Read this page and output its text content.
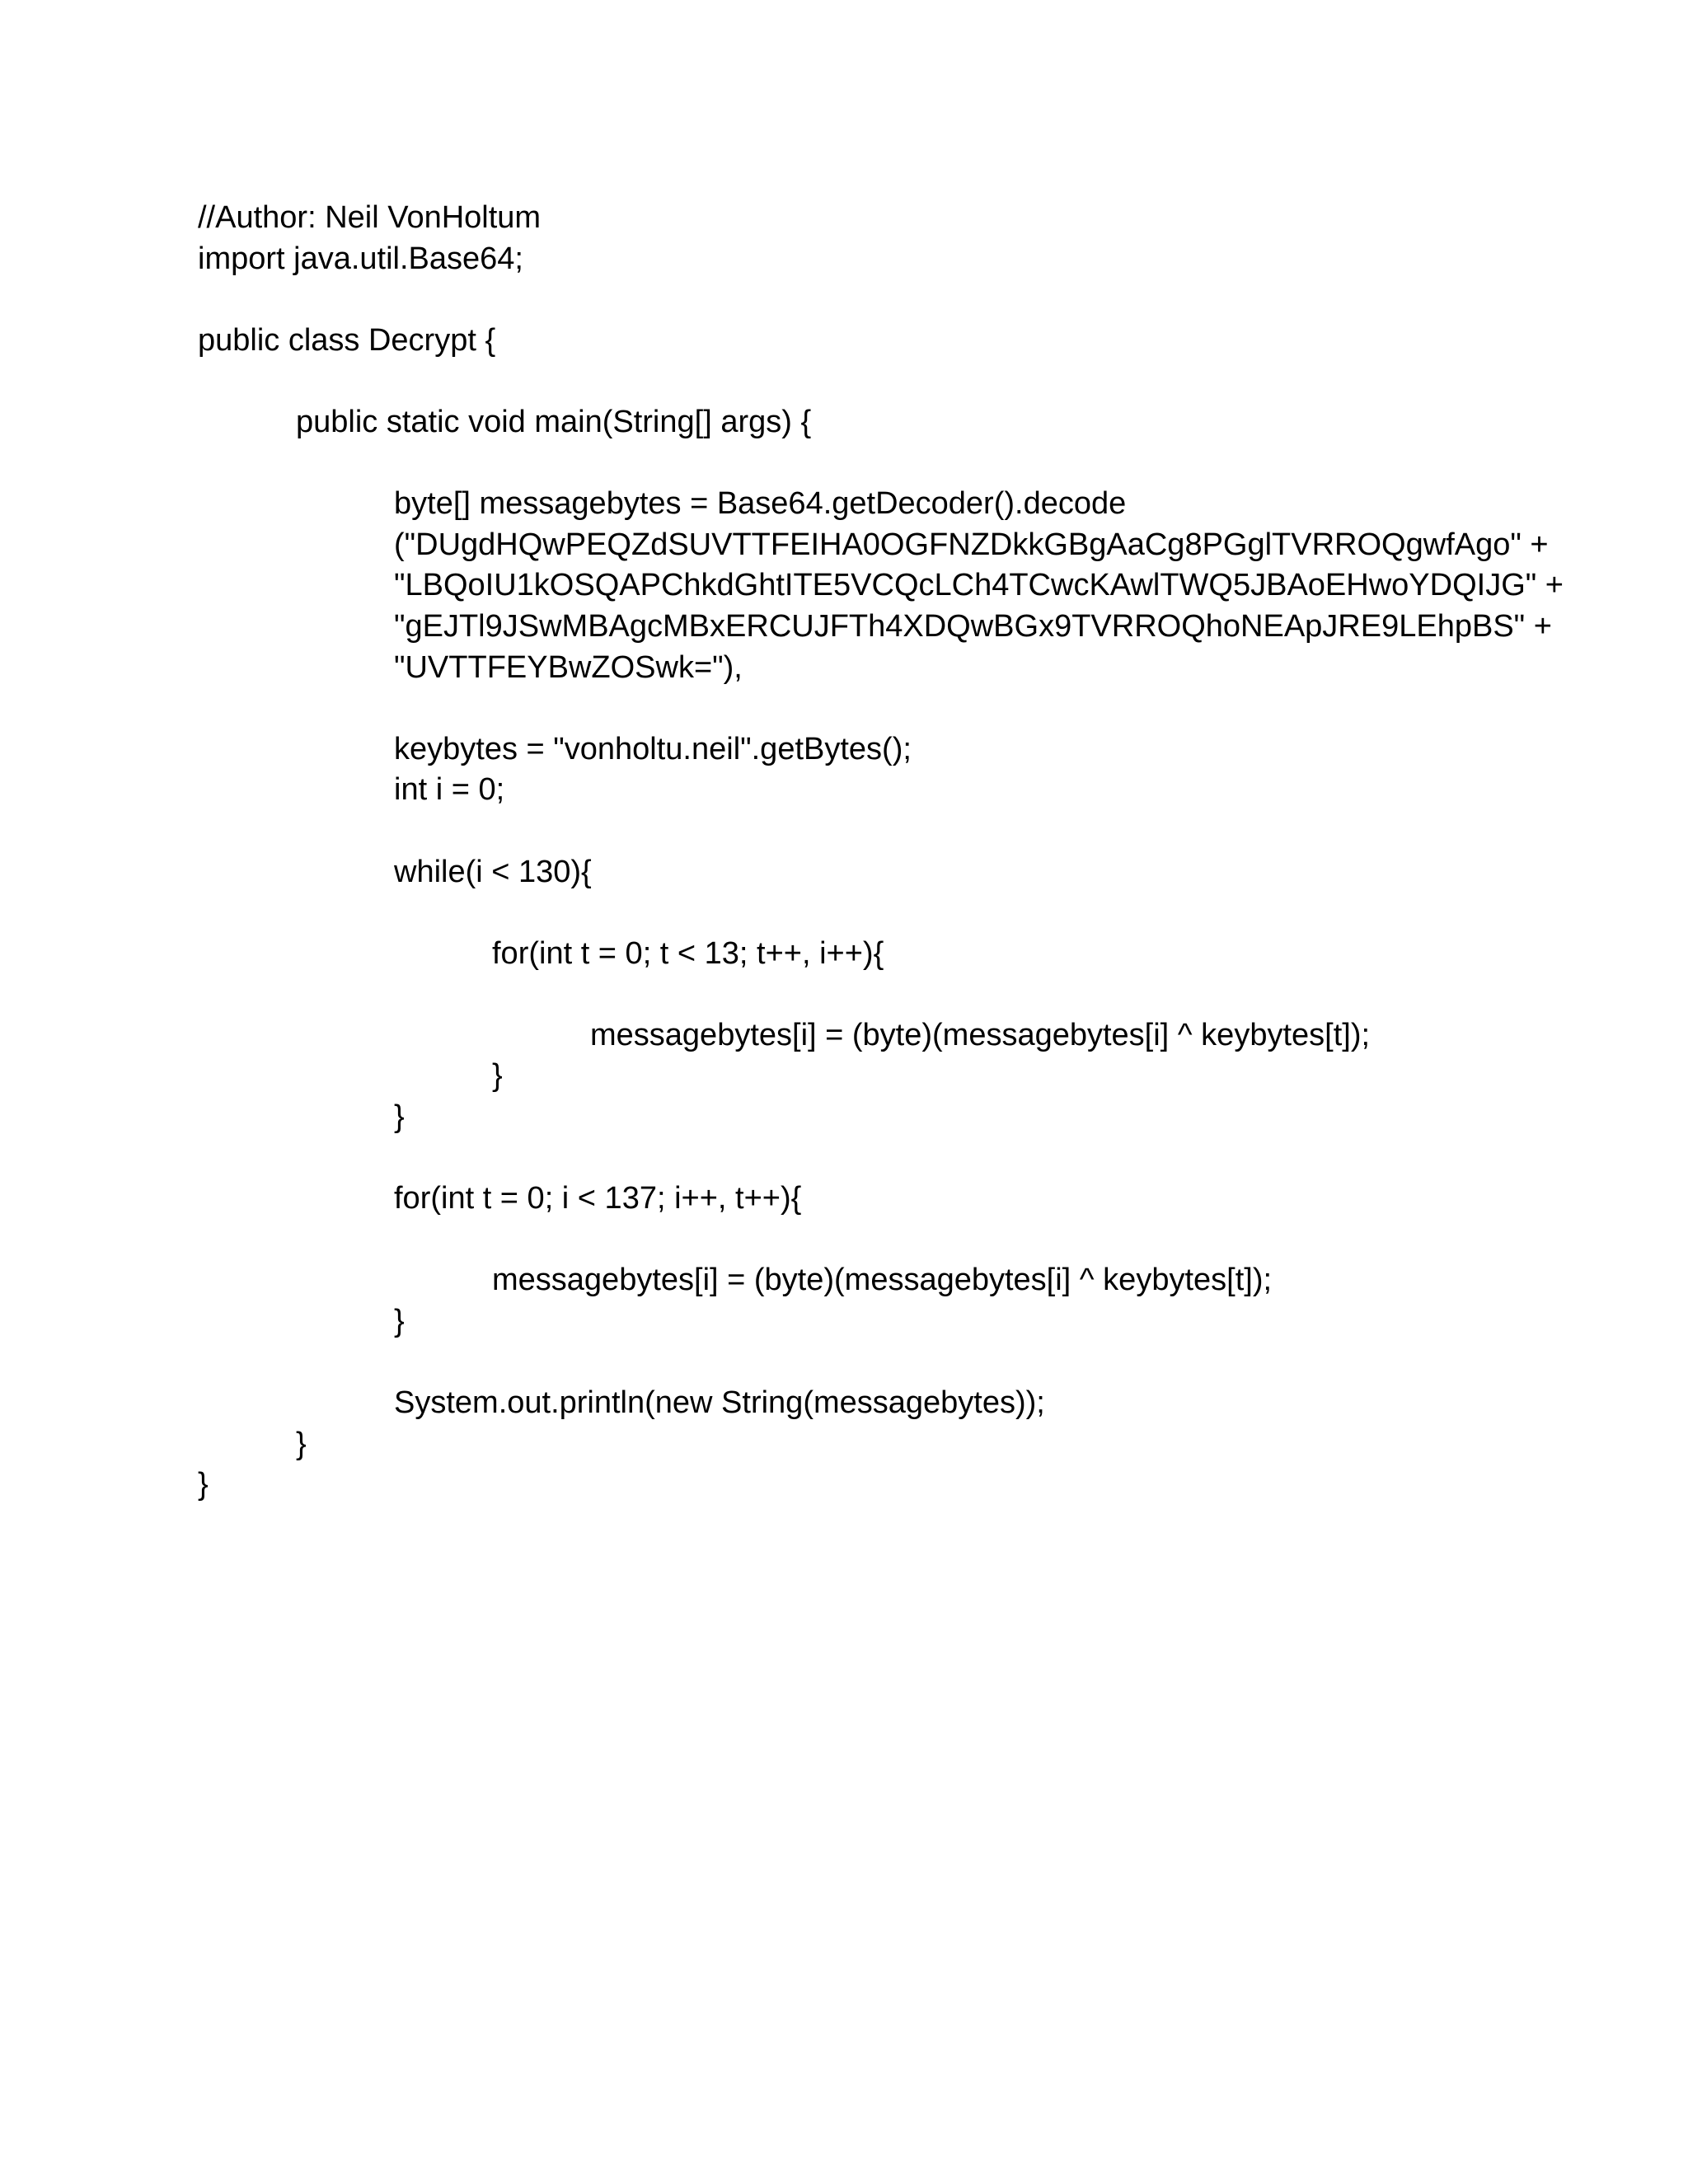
//Author: Neil VonHoltum
import java.util.Base64;
public class Decrypt {
public static void main(String[] args) {
byte[] messagebytes = Base64.getDecoder().decode
("DUgdHQwPEQZdSUVTTFEIHA0OGFNZDkkGBgAaCg8PGglTVRROQgwfAgo" +
"LBQoIU1kOSQAPChkdGhtITE5VCQcLCh4TCwcKAwlTWQ5JBAoEHwoYDQIJG" +
"gEJTl9JSwMBAgcMBxERCUJFTh4XDQwBGx9TVRROQhoNEApJRE9LEhpBS" +
"UVTTFEYBwZOSwk="),
keybytes = "vonholtu.neil".getBytes();
int i = 0;
while(i < 130){
for(int t = 0; t < 13; t++, i++){
messagebytes[i] = (byte)(messagebytes[i] ^ keybytes[t]);
}
}
for(int t = 0; i < 137; i++, t++){
messagebytes[i] = (byte)(messagebytes[i] ^ keybytes[t]);
}
System.out.println(new String(messagebytes));
}
}
